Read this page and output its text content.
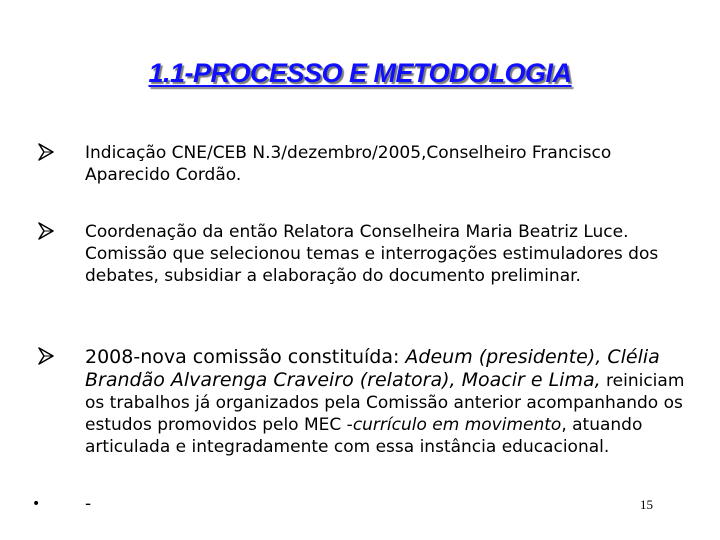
1.1-PROCESSO E METODOLOGIA
Indicação CNE/CEB N.3/dezembro/2005,Conselheiro Francisco Aparecido Cordão.
Coordenação da então Relatora Conselheira Maria Beatriz Luce. Comissão que selecionou temas e interrogações estimuladores dos debates, subsidiar a elaboração do documento preliminar.
2008-nova comissão constituída: Adeum (presidente), Clélia Brandão Alvarenga Craveiro (relatora), Moacir e Lima, reiniciam os trabalhos já organizados pela Comissão anterior acompanhando os estudos promovidos pelo MEC -currículo em movimento, atuando articulada e integradamente com essa instância educacional.
•	-	15
